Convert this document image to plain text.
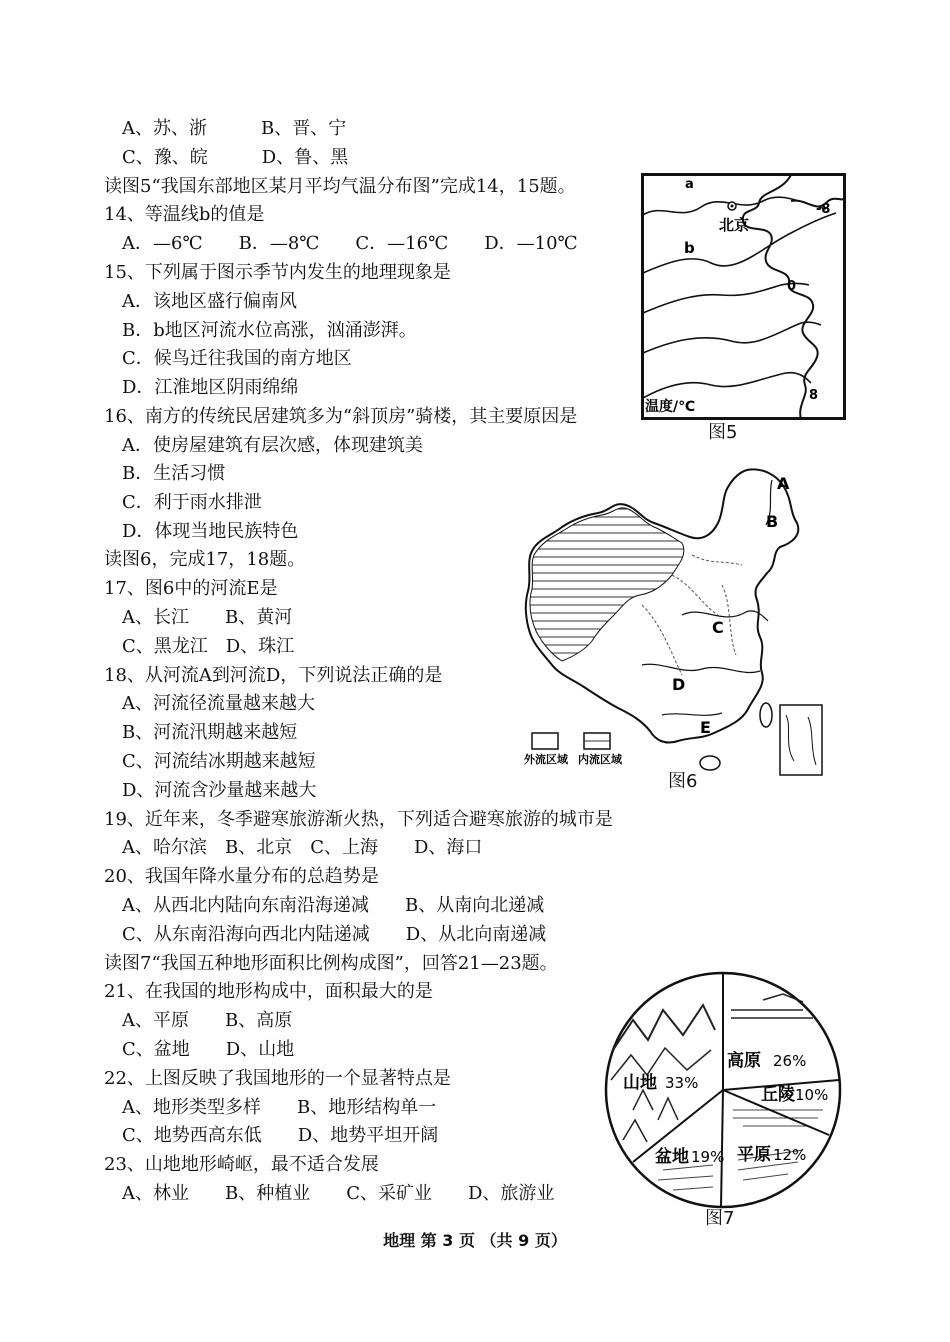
A、苏、浙　　　B、晋、宁
C、豫、皖　　　D、鲁、黑
读图5“我国东部地区某月平均气温分布图”完成14，15题。
14、等温线b的值是
A．—6℃　　B．—8℃　　C．—16℃　　D．—10℃
15、下列属于图示季节内发生的地理现象是
A．该地区盛行偏南风
B．b地区河流水位高涨，汹涌澎湃。
C．候鸟迁往我国的南方地区
D．江淮地区阴雨绵绵
16、南方的传统民居建筑多为“斜顶房”骑楼，其主要原因是
A．使房屋建筑有层次感，体现建筑美
B．生活习惯
C．利于雨水排泄
D．体现当地民族特色
读图6，完成17，18题。
17、图6中的河流E是
A、长江　　B、黄河
C、黑龙江　D、珠江
18、从河流A到河流D，下列说法正确的是
A、河流径流量越来越大
B、河流汛期越来越短
C、河流结冰期越来越短
D、河流含沙量越来越大
19、近年来，冬季避寒旅游渐火热，下列适合避寒旅游的城市是
A、哈尔滨　B、北京　C、上海　　D、海口
20、我国年降水量分布的总趋势是
A、从西北内陆向东南沿海递减　　B、从南向北递减
C、从东南沿海向西北内陆递减　　D、从北向南递减
读图7“我国五种地形面积比例构成图”，回答21—23题。
21、在我国的地形构成中，面积最大的是
A、平原　　B、高原
C、盆地　　D、山地
22、上图反映了我国地形的一个显著特点是
A、地形类型多样　　B、地形结构单一
C、地势西高东低　　D、地势平坦开阔
23、山地地形崎岖，最不适合发展
A、林业　　B、种植业　　C、采矿业　　D、旅游业
a
b
北京
-8
0
8
温度/℃
图5
A
B
C
D
E
外流区域 内流区域
图6
高原 26%
丘陵 10%
平原 12%
盆地 19%
山地 33%
图7
地理 第 3 页 （共 9 页）
